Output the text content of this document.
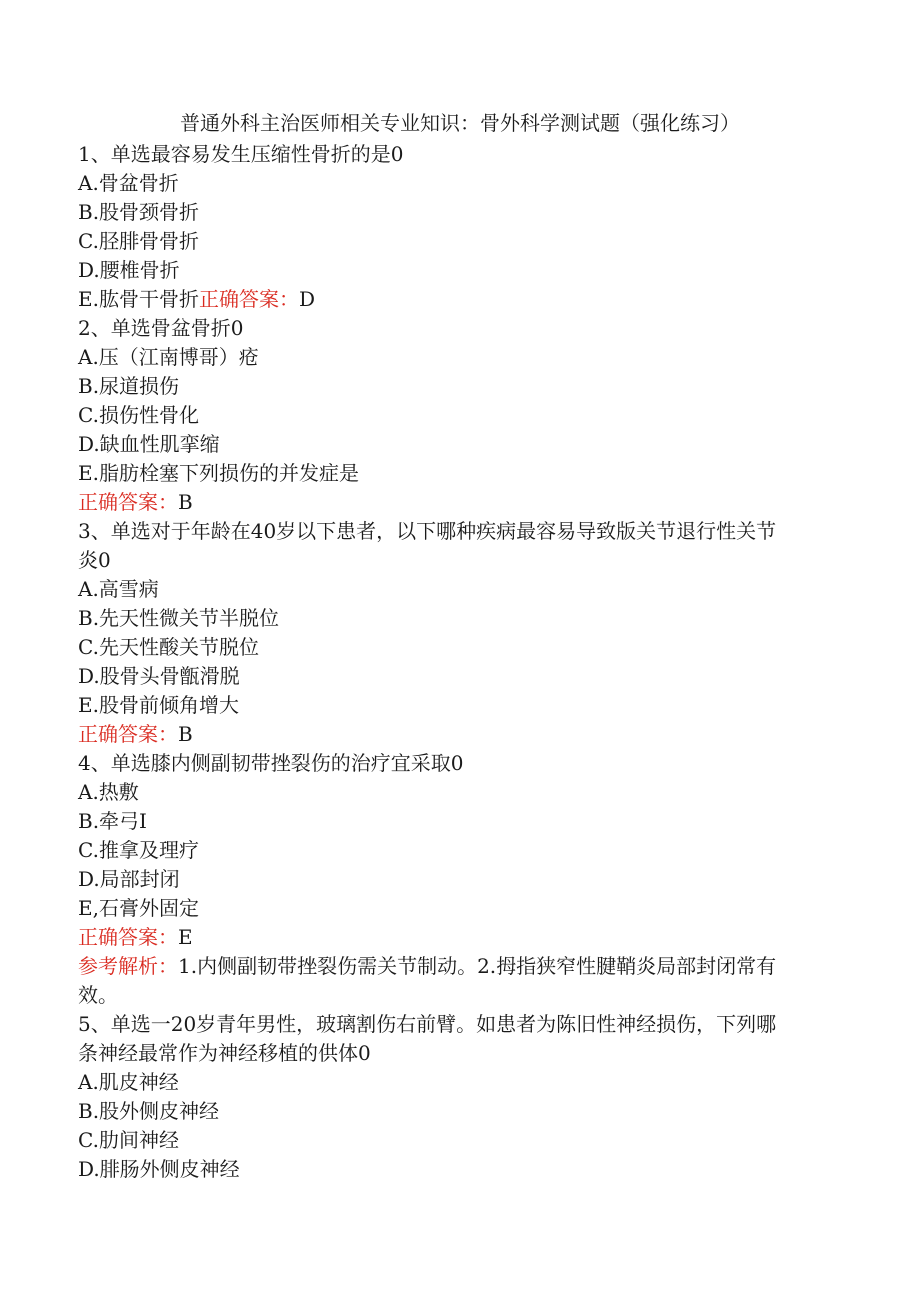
普通外科主治医师相关专业知识：骨外科学测试题（强化练习）
1、单选最容易发生压缩性骨折的是0
A.骨盆骨折
B.股骨颈骨折
C.胫腓骨骨折
D.腰椎骨折
E.肱骨干骨折正确答案：D
2、单选骨盆骨折0
A.压（江南博哥）疮
B.尿道损伤
C.损伤性骨化
D.缺血性肌挛缩
E.脂肪栓塞下列损伤的并发症是
正确答案：B
3、单选对于年龄在40岁以下患者，以下哪种疾病最容易导致版关节退行性关节
炎0
A.高雪病
B.先天性微关节半脱位
C.先天性酸关节脱位
D.股骨头骨甑滑脱
E.股骨前倾角增大
正确答案：B
4、单选膝内侧副韧带挫裂伤的治疗宜采取0
A.热敷
B.牵弓I
C.推拿及理疗
D.局部封闭
E,石膏外固定
正确答案：E
参考解析：1.内侧副韧带挫裂伤需关节制动。2.拇指狭窄性腱鞘炎局部封闭常有
效。
5、单选一20岁青年男性，玻璃割伤右前臂。如患者为陈旧性神经损伤，下列哪
条神经最常作为神经移植的供体0
A.肌皮神经
B.股外侧皮神经
C.肋间神经
D.腓肠外侧皮神经
